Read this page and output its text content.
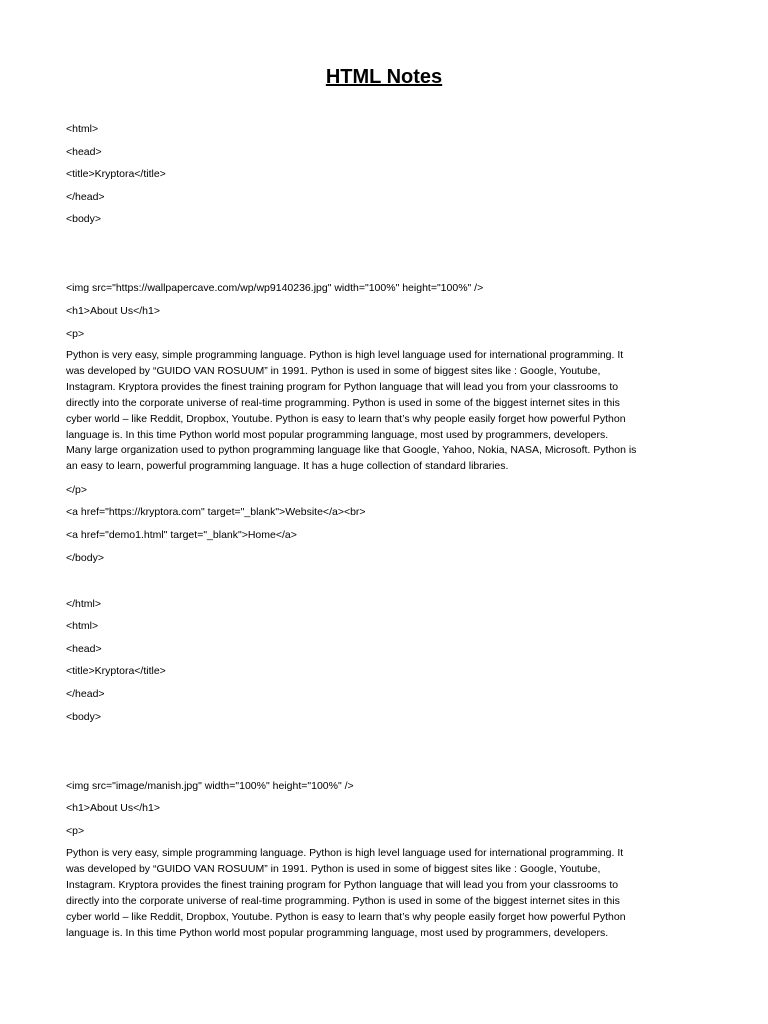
HTML Notes
<html>
<head>
<title>Kryptora</title>
</head>
<body>
<img src="https://wallpapercave.com/wp/wp9140236.jpg" width="100%" height="100%" />
<h1>About Us</h1>
<p>
Python is very easy, simple programming language. Python is high level language used for international programming. It
was developed by “GUIDO VAN ROSUUM” in 1991. Python is used in some of biggest sites like : Google, Youtube,
Instagram. Kryptora provides the finest training program for Python language that will lead you from your classrooms to
directly into the corporate universe of real-time programming. Python is used in some of the biggest internet sites in this
cyber world – like Reddit, Dropbox, Youtube. Python is easy to learn that’s why people easily forget how powerful Python
language is. In this time Python world most popular programming language, most used by programmers, developers.
Many large organization used to python programming language like that Google, Yahoo, Nokia, NASA, Microsoft. Python is
an easy to learn, powerful programming language. It has a huge collection of standard libraries.
</p>
<a href="https://kryptora.com" target="_blank">Website</a><br>
<a href="demo1.html" target="_blank">Home</a>
</body>
</html>
<html>
<head>
<title>Kryptora</title>
</head>
<body>
<img src="image/manish.jpg" width="100%" height="100%" />
<h1>About Us</h1>
<p>
Python is very easy, simple programming language. Python is high level language used for international programming. It
was developed by “GUIDO VAN ROSUUM” in 1991. Python is used in some of biggest sites like : Google, Youtube,
Instagram. Kryptora provides the finest training program for Python language that will lead you from your classrooms to
directly into the corporate universe of real-time programming. Python is used in some of the biggest internet sites in this
cyber world – like Reddit, Dropbox, Youtube. Python is easy to learn that’s why people easily forget how powerful Python
language is. In this time Python world most popular programming language, most used by programmers, developers.
